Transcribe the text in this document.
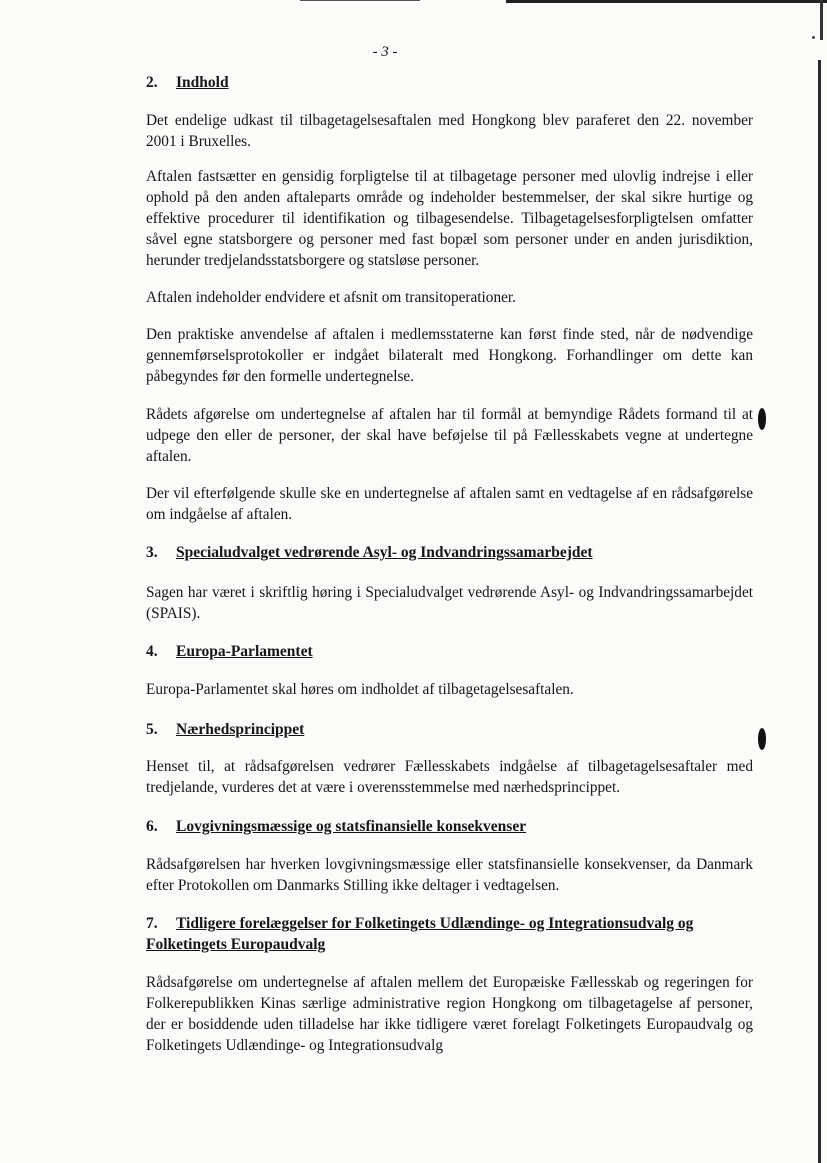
- 3 -
2. Indhold
Det endelige udkast til tilbagetagelsesaftalen med Hongkong blev paraferet den 22. november 2001 i Bruxelles.
Aftalen fastsætter en gensidig forpligtelse til at tilbagetage personer med ulovlig indrejse i eller ophold på den anden aftaleparts område og indeholder bestemmelser, der skal sikre hurtige og effektive procedurer til identifikation og tilbagesendelse. Tilbagetagelsesforpligtelsen omfatter såvel egne statsborgere og personer med fast bopæl som personer under en anden jurisdiktion, herunder tredjelandsstatsborgere og statsløse personer.
Aftalen indeholder endvidere et afsnit om transitoperationer.
Den praktiske anvendelse af aftalen i medlemsstaterne kan først finde sted, når de nødvendige gennemførselsprotokoller er indgået bilateralt med Hongkong. Forhandlinger om dette kan påbegyndes før den formelle undertegnelse.
Rådets afgørelse om undertegnelse af aftalen har til formål at bemyndige Rådets formand til at udpege den eller de personer, der skal have beføjelse til på Fællesskabets vegne at undertegne aftalen.
Der vil efterfølgende skulle ske en undertegnelse af aftalen samt en vedtagelse af en rådsafgørelse om indgåelse af aftalen.
3. Specialudvalget vedrørende Asyl- og Indvandringssamarbejdet
Sagen har været i skriftlig høring i Specialudvalget vedrørende Asyl- og Indvandringssamarbejdet (SPAIS).
4. Europa-Parlamentet
Europa-Parlamentet skal høres om indholdet af tilbagetagelsesaftalen.
5. Nærhedsprincippet
Henset til, at rådsafgørelsen vedrører Fællesskabets indgåelse af tilbagetagelsesaftaler med tredjelande, vurderes det at være i overensstemmelse med nærhedsprincippet.
6. Lovgivningsmæssige og statsfinansielle konsekvenser
Rådsafgørelsen har hverken lovgivningsmæssige eller statsfinansielle konsekvenser, da Danmark efter Protokollen om Danmarks Stilling ikke deltager i vedtagelsen.
7. Tidligere forelæggelser for Folketingets Udlændinge- og Integrationsudvalg og Folketingets Europaudvalg
Rådsafgørelse om undertegnelse af aftalen mellem det Europæiske Fællesskab og regeringen for Folkerepublikken Kinas særlige administrative region Hongkong om tilbagetagelse af personer, der er bosiddende uden tilladelse har ikke tidligere været forelagt Folketingets Europaudvalg og Folketingets Udlændinge- og Integrationsudvalg
